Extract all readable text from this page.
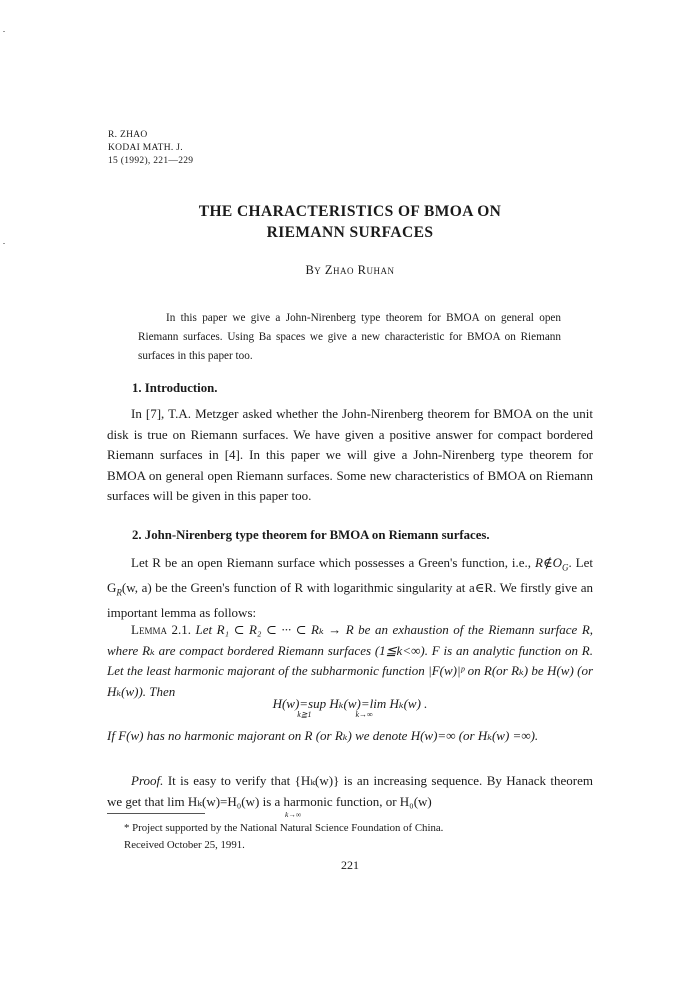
R. ZHAO
KODAI MATH. J.
15 (1992), 221—229
THE CHARACTERISTICS OF BMOA ON
RIEMANN SURFACES
By Zhao Ruhan

In this paper we give a John-Nirenberg type theorem for BMOA on general open Riemann surfaces. Using Ba spaces we give a new characteristic for BMOA on Riemann surfaces in this paper too.

1. Introduction.

In [7], T.A. Metzger asked whether the John-Nirenberg theorem for BMOA on the unit disk is true on Riemann surfaces. We have given a positive answer for compact bordered Riemann surfaces in [4]. In this paper we will give a John-Nirenberg type theorem for BMOA on general open Riemann surfaces. Some new characteristics of BMOA on Riemann surfaces will be given in this paper too.

2. John-Nirenberg type theorem for BMOA on Riemann surfaces.

Let R be an open Riemann surface which possesses a Green's function, i.e., $R\notin O_G$. Let $G_R(w$, a) be the Green's function of R with logarithmic singularity at a∈R. We firstly give an important lemma as follows:

Lemma 2.1. Let R₁ ⊂ R₂ ⊂ ··· ⊂ Rₖ → R be an exhaustion of the Riemann surface R, where Rₖ are compact bordered Riemann surfaces (1≦k<∞). F is an analytic function on R. Let the least harmonic majorant of the subharmonic function |F(w)|ᵖ on R(or Rₖ) be H(w) (or Hₖ(w)). Then

H(w)=sup Hₖ(w)=lim Hₖ(w) .
k≧1	k→∞

If F(w) has no harmonic majorant on R (or Rₖ) we denote H(w)=∞ (or Hₖ(w) =∞).

Proof. It is easy to verify that {Hₖ(w)} is an increasing sequence. By Hanack theorem we get that lim Hₖ(w)=H₀(w) is a harmonic function, or H₀(w)

k→∞
* Project supported by the National Natural Science Foundation of China.
Received October 25, 1991.
221
